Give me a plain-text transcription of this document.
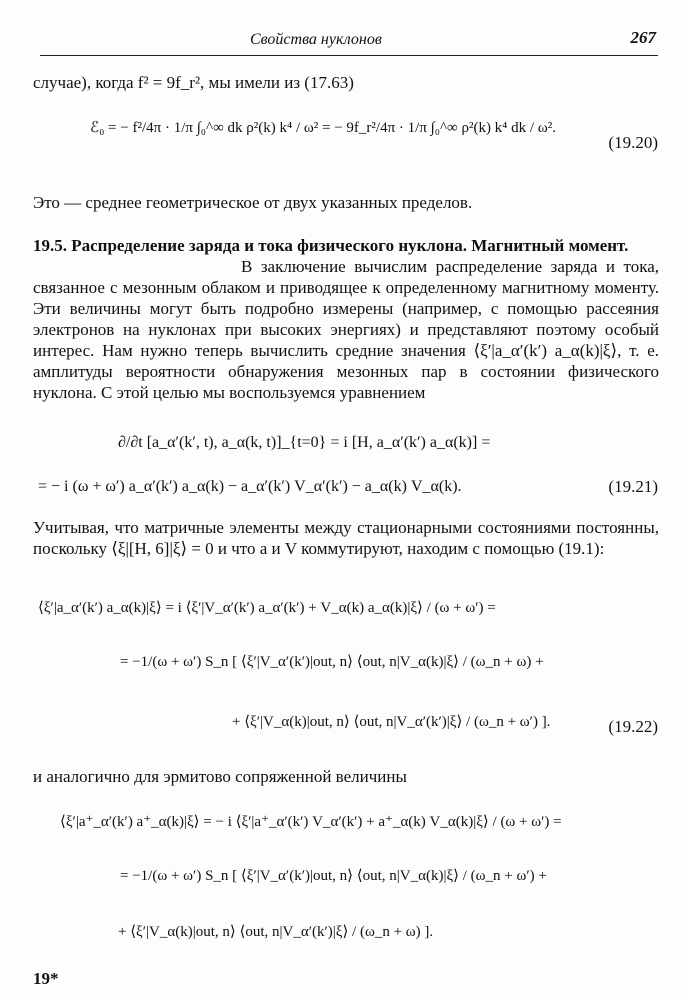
Свойства нуклонов	267

случае), когда f² = 9f_r², мы имели из (17.63)

ℰ₀ = − f²/4π · 1/π ∫₀^∞ dk ρ²(k) k⁴ / ω² = − 9f_r²/4π · 1/π ∫₀^∞ ρ²(k) k⁴ dk / ω².
(19.20)

Это — среднее геометрическое от двух указанных пределов.

19.5. Распределение заряда и тока физического нуклона. Магнитный момент.

В заключение вычислим распределение заряда и тока, связанное с мезонным облаком и приводящее к определенному магнитному моменту. Эти величины могут быть подробно измерены (например, с помощью рассеяния электронов на нуклонах при высоких энергиях) и представляют поэтому особый интерес. Нам нужно теперь вычислить средние значения ⟨ξ′|a_α′(k′) a_α(k)|ξ⟩, т. е. амплитуды вероятности обнаружения мезонных пар в состоянии физического нуклона. С этой целью мы воспользуемся уравнением

∂/∂t [a_α′(k′, t), a_α(k, t)]_{t=0} = i [H, a_α′(k′) a_α(k)] =
= − i (ω + ω′) a_α′(k′) a_α(k) − a_α′(k′) V_α′(k′) − a_α(k) V_α(k).	(19.21)

Учитывая, что матричные элементы между стационарными состояниями постоянны, поскольку ⟨ξ|[H, 6]|ξ⟩ = 0 и что a и V коммутируют, находим с помощью (19.1):

⟨ξ′|a_α′(k′) a_α(k)|ξ⟩ = i ⟨ξ′|V_α′(k′) a_α′(k′) + V_α(k) a_α(k)|ξ⟩ / (ω + ω′) =
= −1/(ω + ω′) S_n [ ⟨ξ′|V_α′(k′)|out, n⟩ ⟨out, n|V_α(k)|ξ⟩ / (ω_n + ω) +
+ ⟨ξ′|V_α(k)|out, n⟩ ⟨out, n|V_α′(k′)|ξ⟩ / (ω_n + ω′) ].	(19.22)

и аналогично для эрмитово сопряженной величины

⟨ξ′|a⁺_α′(k′) a⁺_α(k)|ξ⟩ = − i ⟨ξ′|a⁺_α′(k′) V_α′(k′) + a⁺_α(k) V_α(k)|ξ⟩ / (ω + ω′) =
= −1/(ω + ω′) S_n [ ⟨ξ′|V_α′(k′)|out, n⟩ ⟨out, n|V_α(k)|ξ⟩ / (ω_n + ω′) +
+ ⟨ξ′|V_α(k)|out, n⟩ ⟨out, n|V_α′(k′)|ξ⟩ / (ω_n + ω) ].
19*
